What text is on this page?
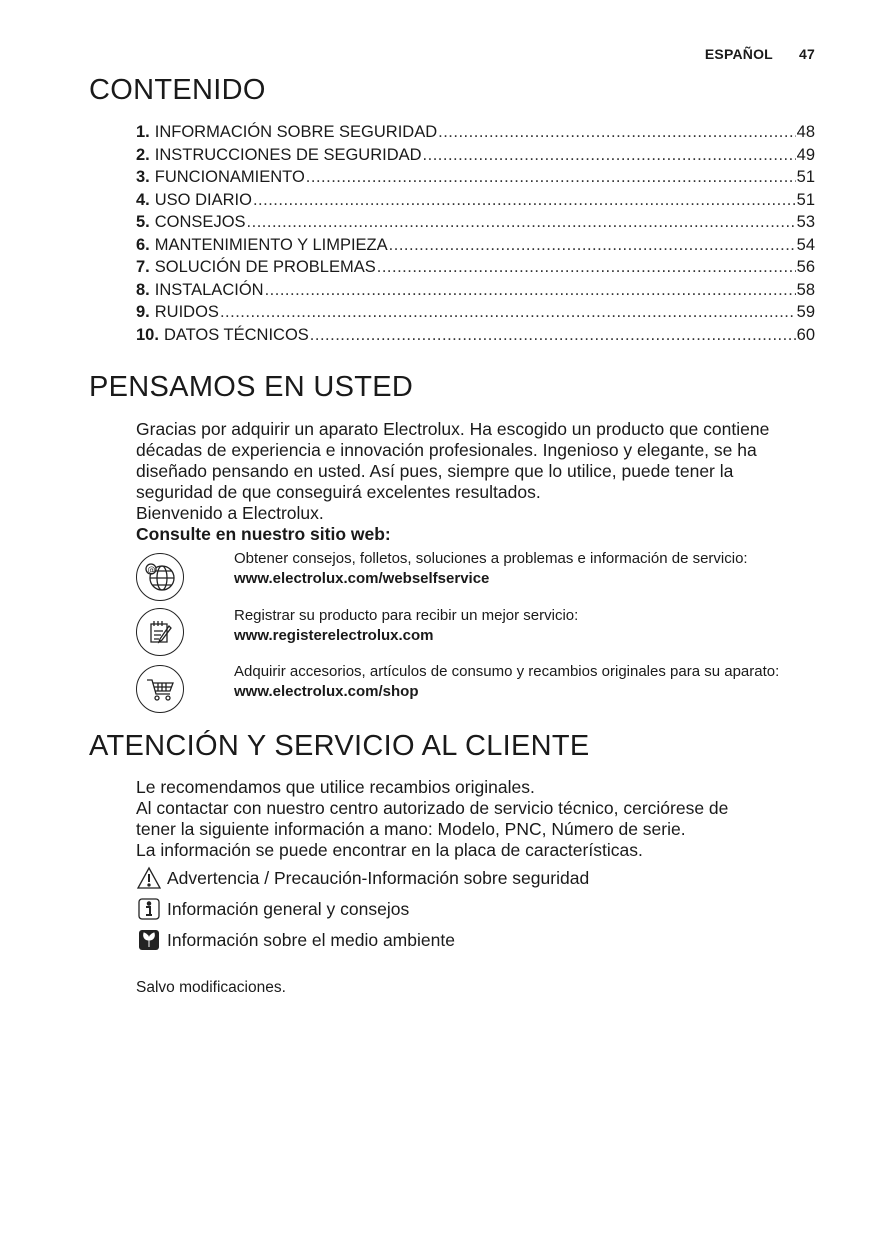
ESPAÑOL 47
CONTENIDO
1. INFORMACIÓN SOBRE SEGURIDAD .....	48
2. INSTRUCCIONES DE SEGURIDAD .....	49
3. FUNCIONAMIENTO .....	51
4. USO DIARIO .....	51
5. CONSEJOS .....	53
6. MANTENIMIENTO Y LIMPIEZA .....	54
7. SOLUCIÓN DE PROBLEMAS .....	56
8. INSTALACIÓN .....	58
9. RUIDOS .....	59
10. DATOS TÉCNICOS .....	60
PENSAMOS EN USTED

Gracias por adquirir un aparato Electrolux. Ha escogido un producto que contiene

décadas de experiencia e innovación profesionales. Ingenioso y elegante, se ha

diseñado pensando en usted. Así pues, siempre que lo utilice, puede tener la

seguridad de que conseguirá excelentes resultados.

Bienvenido a Electrolux.

Consulte en nuestro sitio web:

@
Obtener consejos, folletos, soluciones a problemas e información de servicio:
www.electrolux.com/webselfservice
Registrar su producto para recibir un mejor servicio:
www.registerelectrolux.com
Adquirir accesorios, artículos de consumo y recambios originales para su aparato:
www.electrolux.com/shop
ATENCIÓN Y SERVICIO AL CLIENTE

Le recomendamos que utilice recambios originales.

Al contactar con nuestro centro autorizado de servicio técnico, cerciórese de

tener la siguiente información a mano: Modelo, PNC, Número de serie.

La información se puede encontrar en la placa de características.

Advertencia / Precaución-Información sobre seguridad
Información general y consejos
Información sobre el medio ambiente
Salvo modificaciones.
